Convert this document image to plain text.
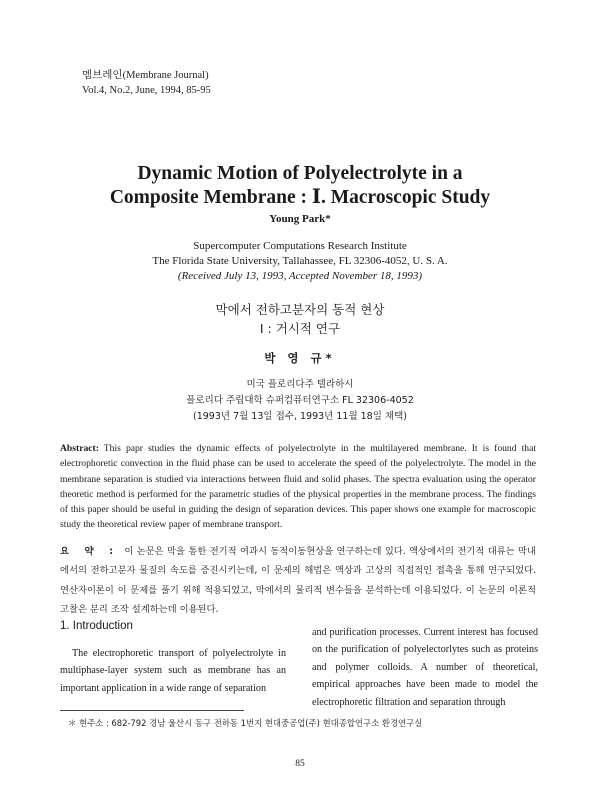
멤브레인(Membrane Journal)
Vol.4, No.2, June, 1994, 85-95
Dynamic Motion of Polyelectrolyte in a
Composite Membrane : Ⅰ. Macroscopic Study
Young Park*
Supercomputer Computations Research Institute
The Florida State University, Tallahassee, FL 32306-4052, U. S. A.
(Received July 13, 1993, Accepted November 18, 1993)
막에서 전하고분자의 동적 현상
Ⅰ : 거시적 연구
박 영 규*
미국 플로리다주 텔라하시
플로리다 주립대학 슈퍼컴퓨터연구소 FL 32306-4052
(1993년 7월 13일 접수, 1993년 11월 18일 채택)
Abstract: This papr studies the dynamic effects of polyelectrolyte in the multilayered membrane. It is found that electrophoretic convection in the fluid phase can be used to accelerate the speed of the polyelectrolyte. The model in the membrane separation is studied via interactions between fluid and solid phases. The spectra evaluation using the operator theoretic method is performed for the parametric studies of the physical properties in the membrane process. The findings of this paper should be useful in guiding the design of separation devices. This paper shows one example for macroscopic study the theoretical review paper of membrane transport.
요 약 : 이 논문은 막을 통한 전기적 여과시 동적이동현상을 연구하는데 있다. 액상에서의 전기적 대류는 막내에서의 전하고분자 물질의 속도를 증진시키는데, 이 문제의 해법은 액상과 고상의 직접적인 접촉을 통해 연구되었다. 연산자이론이 이 문제를 풀기 위해 적용되었고, 막에서의 물리적 변수들을 분석하는데 이용되었다. 이 논문의 이론적 고찰은 분리 조작 설계하는데 이용된다.
1. Introduction

The electrophoretic transport of polyelectrolyte in multiphase-layer system such as membrane has an important application in a wide range of separation

and purification processes. Current interest has focused on the purification of polyelectorlytes such as proteins and polymer colloids. A number of theoretical, empirical approaches have been made to model the electrophoretic filtration and separation through
＊ 현주소 : 682-792 경남 울산시 동구 전하동 1번지 현대중공업(주) 현대종합연구소 환경연구실
85
